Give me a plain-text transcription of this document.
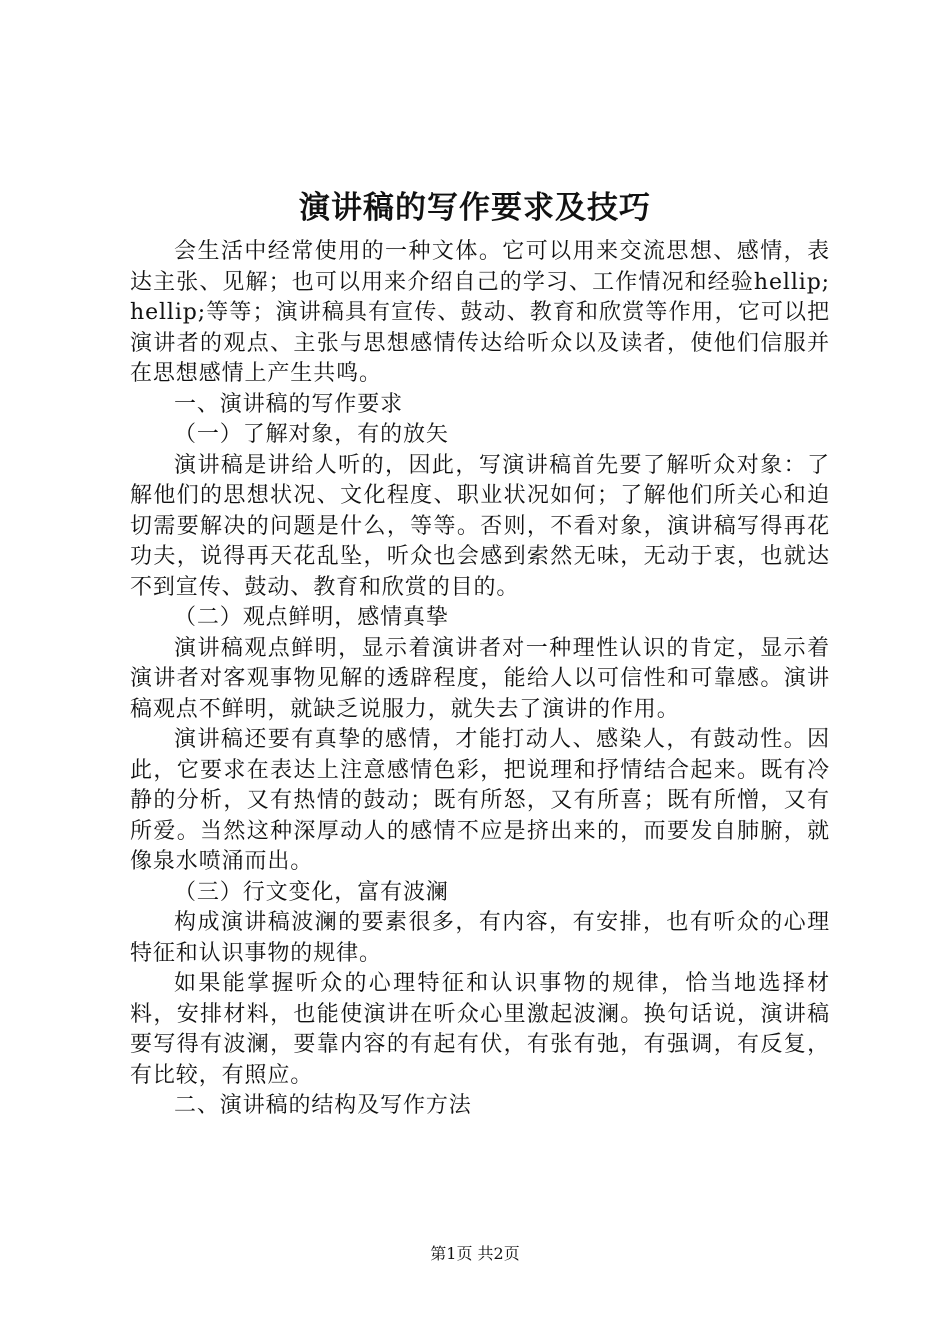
演讲稿的写作要求及技巧

会生活中经常使用的一种文体。它可以用来交流思想、感情，表达主张、见解；也可以用来介绍自己的学习、工作情况和经验hellip;hellip;等等；演讲稿具有宣传、鼓动、教育和欣赏等作用，它可以把演讲者的观点、主张与思想感情传达给听众以及读者，使他们信服并在思想感情上产生共鸣。

一、演讲稿的写作要求

（一）了解对象，有的放矢

演讲稿是讲给人听的，因此，写演讲稿首先要了解听众对象：了解他们的思想状况、文化程度、职业状况如何；了解他们所关心和迫切需要解决的问题是什么，等等。否则，不看对象，演讲稿写得再花功夫，说得再天花乱坠，听众也会感到索然无味，无动于衷，也就达不到宣传、鼓动、教育和欣赏的目的。

（二）观点鲜明，感情真挚

演讲稿观点鲜明，显示着演讲者对一种理性认识的肯定，显示着演讲者对客观事物见解的透辟程度，能给人以可信性和可靠感。演讲稿观点不鲜明，就缺乏说服力，就失去了演讲的作用。

演讲稿还要有真挚的感情，才能打动人、感染人，有鼓动性。因此，它要求在表达上注意感情色彩，把说理和抒情结合起来。既有冷静的分析，又有热情的鼓动；既有所怒，又有所喜；既有所憎，又有所爱。当然这种深厚动人的感情不应是挤出来的，而要发自肺腑，就像泉水喷涌而出。

（三）行文变化，富有波澜

构成演讲稿波澜的要素很多，有内容，有安排，也有听众的心理特征和认识事物的规律。

如果能掌握听众的心理特征和认识事物的规律，恰当地选择材料，安排材料，也能使演讲在听众心里激起波澜。换句话说，演讲稿要写得有波澜，要靠内容的有起有伏，有张有弛，有强调，有反复，有比较，有照应。

二、演讲稿的结构及写作方法

第1页 共2页
